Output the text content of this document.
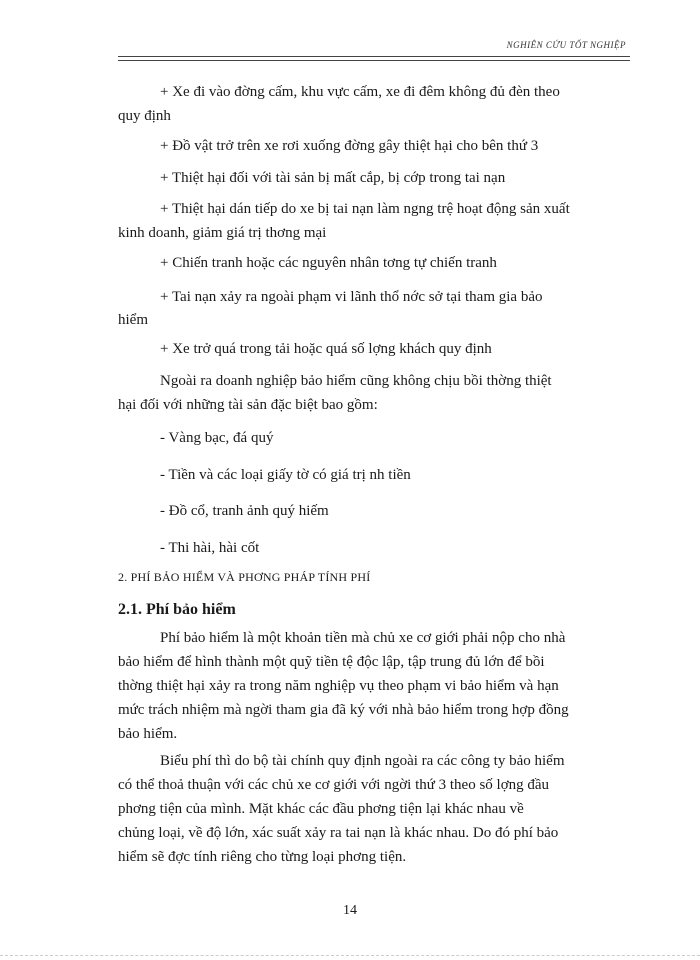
NGHIÊN CỨU TỐT NGHIỆP
+ Xe đi vào đờng cấm, khu vực cấm, xe đi đêm không đủ đèn theo
quy định
+ Đồ vật trở trên xe rơi xuống đờng gây thiệt hại cho bên thứ 3
+ Thiệt hại đối với tài sản bị mất cắp, bị cớp trong tai nạn
+ Thiệt hại dán tiếp do xe bị tai nạn làm ngng trệ hoạt động sản xuất
kinh doanh, giảm giá trị thơng mại
+ Chiến tranh hoặc các nguyên nhân tơng tự chiến tranh
+ Tai nạn xảy ra ngoài phạm vi lãnh thổ nớc sở tại tham gia bảo
hiểm
+ Xe trở quá trong tải hoặc quá số lợng khách quy định
Ngoài ra doanh nghiệp bảo hiểm cũng không chịu bồi thờng thiệt
hại đối với những tài sản đặc biệt bao gồm:
- Vàng bạc, đá quý
- Tiền và các loại giấy tờ có giá trị nh tiền
- Đồ cổ, tranh ảnh quý hiếm
- Thi hài, hài cốt
2. PHÍ BẢO HIỂM VÀ PHƠNG PHÁP TÍNH PHÍ
2.1. Phí bảo hiểm
Phí bảo hiểm là một khoản tiền mà chủ xe cơ giới phải nộp cho nhà
bảo hiểm để hình thành một quỹ tiền tệ độc lập, tập trung đủ lớn để bồi
thờng thiệt hại xảy ra trong năm nghiệp vụ theo phạm vi bảo hiểm và hạn
mức trách nhiệm mà ngời tham gia đã ký với nhà bảo hiểm trong hợp đồng
bảo hiểm.
Biểu phí thì do bộ tài chính quy định ngoài ra các công ty bảo hiểm
có thể thoả thuận với các chủ xe cơ giới với ngời thứ 3 theo số lợng đầu
phơng tiện của mình. Mặt khác các đầu phơng tiện lại khác nhau về
chủng loại, về độ lớn, xác suất xảy ra tai nạn là khác nhau. Do đó phí bảo
hiểm sẽ đợc tính riêng cho từng loại phơng tiện.
14
